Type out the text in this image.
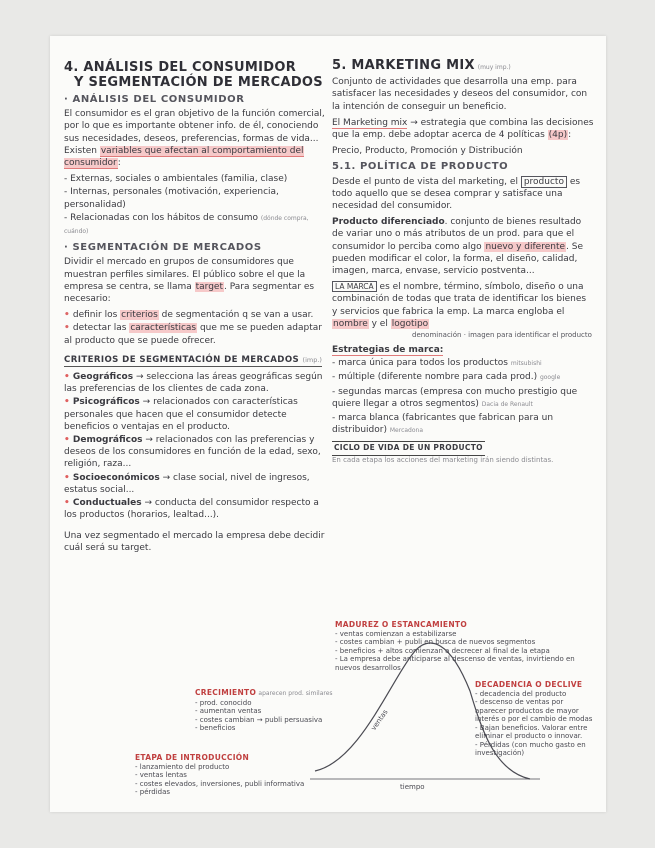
4. ANÁLISIS DEL CONSUMIDOR
Y SEGMENTACIÓN DE MERCADOS
· ANÁLISIS DEL CONSUMIDOR
El consumidor es el gran objetivo de la función comercial, por lo que es importante obtener info. de él, conociendo sus necesidades, deseos, preferencias, formas de vida... Existen variables que afectan al comportamiento del consumidor:
- Externas, sociales o ambientales (familia, clase)
- Internas, personales (motivación, experiencia, personalidad)
- Relacionadas con los hábitos de consumo (dónde compra, cuándo)
· SEGMENTACIÓN DE MERCADOS
Dividir el mercado en grupos de consumidores que muestran perfiles similares. El público sobre el que la empresa se centra, se llama target. Para segmentar es necesario:
• definir los criterios de segmentación q se van a usar.
• detectar las características que me se pueden adaptar al producto que se puede ofrecer.
CRITERIOS DE SEGMENTACIÓN DE MERCADOS (imp.)
• Geográficos → selecciona las áreas geográficas según las preferencias de los clientes de cada zona.
• Psicográficos → relacionados con características personales que hacen que el consumidor detecte beneficios o ventajas en el producto.
• Demográficos → relacionados con las preferencias y deseos de los consumidores en función de la edad, sexo, religión, raza...
• Socioeconómicos → clase social, nivel de ingresos, estatus social...
• Conductuales → conducta del consumidor respecto a los productos (horarios, lealtad...).
Una vez segmentado el mercado la empresa debe decidir cuál será su target.
5. MARKETING MIX (muy imp.)
Conjunto de actividades que desarrolla una emp. para satisfacer las necesidades y deseos del consumidor, con la intención de conseguir un beneficio.
El Marketing mix → estrategia que combina las decisiones que la emp. debe adoptar acerca de 4 políticas (4p):
Precio, Producto, Promoción y Distribución
5.1. POLÍTICA DE PRODUCTO
Desde el punto de vista del marketing, el producto es todo aquello que se desea comprar y satisface una necesidad del consumidor.
Producto diferenciado. conjunto de bienes resultado de variar uno o más atributos de un prod. para que el consumidor lo perciba como algo nuevo y diferente. Se pueden modificar el color, la forma, el diseño, calidad, imagen, marca, envase, servicio postventa...
LA MARCA es el nombre, término, símbolo, diseño o una combinación de todas que trata de identificar los bienes y servicios que fabrica la emp. La marca engloba el nombre y el logotipo
denominación · imagen para identificar el producto
Estrategias de marca:
- marca única para todos los productos mitsubishi
- múltiple (diferente nombre para cada prod.) google
- segundas marcas (empresa con mucho prestigio que quiere llegar a otros segmentos) Dacia de Renault
- marca blanca (fabricantes que fabrican para un distribuidor) Mercadona
CICLO DE VIDA DE UN PRODUCTO
En cada etapa los acciones del marketing irán siendo distintas.
ventas
tiempo
MADUREZ O ESTANCAMIENTO
- ventas comienzan a estabilizarse
- costes cambian + publi en busca de nuevos segmentos
- beneficios + altos comienzan a decrecer al final de la etapa
- La empresa debe anticiparse al descenso de ventas, invirtiendo en nuevos desarrollos
CRECIMIENTO aparecen prod. similares
- prod. conocido
- aumentan ventas
- costes cambian → publi persuasiva
- beneficios
ETAPA DE INTRODUCCIÓN
- lanzamiento del producto
- ventas lentas
- costes elevados, inversiones, publi informativa
- pérdidas
DECADENCIA O DECLIVE
- decadencia del producto
- descenso de ventas por aparecer productos de mayor interés o por el cambio de modas
- Bajan beneficios. Valorar entre eliminar el producto o innovar.
- Pérdidas (con mucho gasto en investigación)
